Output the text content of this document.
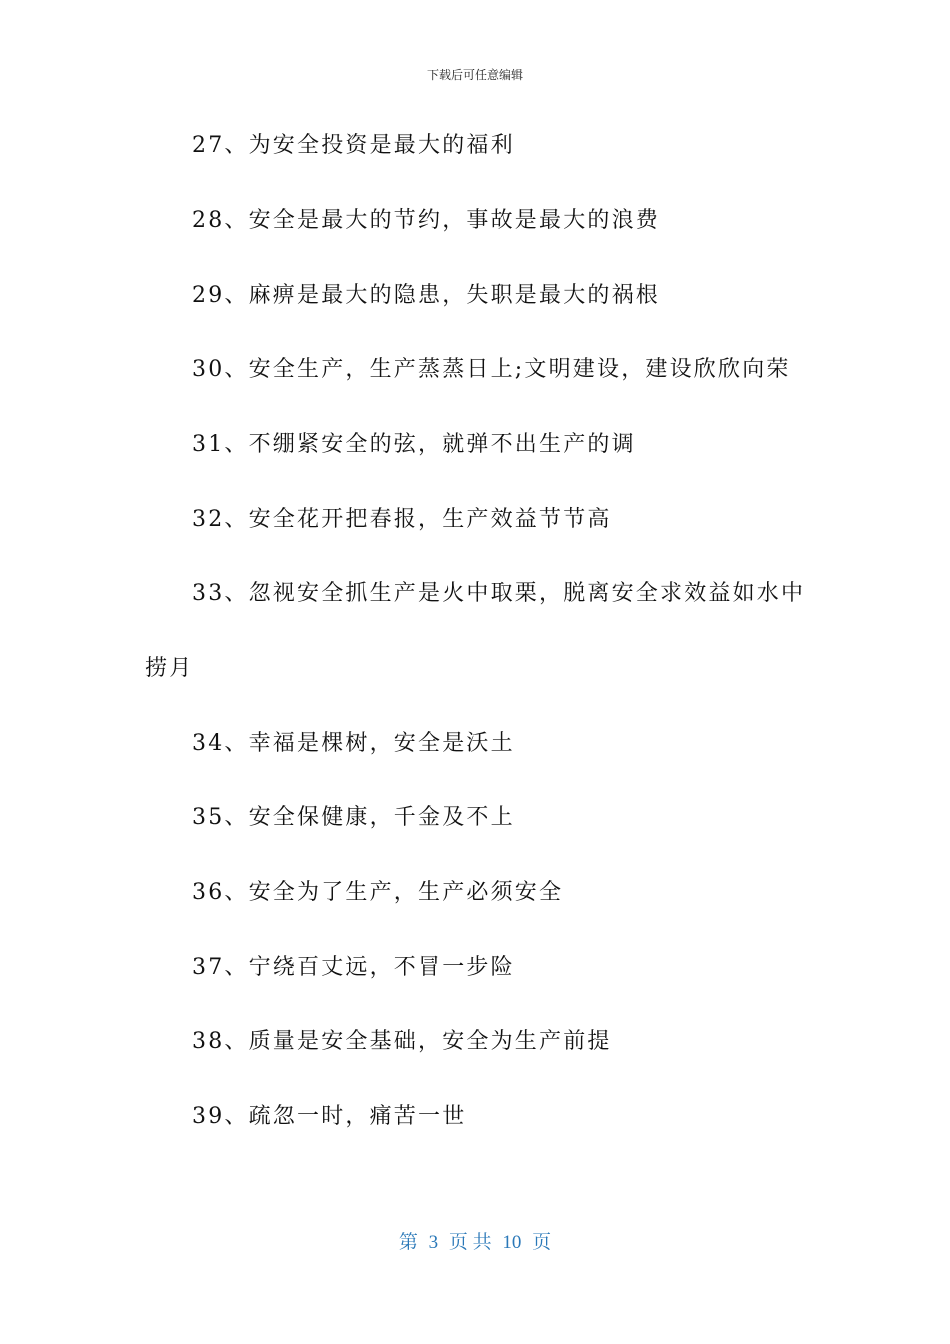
下载后可任意编辑
27、为安全投资是最大的福利
28、安全是最大的节约，事故是最大的浪费
29、麻痹是最大的隐患，失职是最大的祸根
30、安全生产，生产蒸蒸日上;文明建设，建设欣欣向荣
31、不绷紧安全的弦，就弹不出生产的调
32、安全花开把春报，生产效益节节高
33、忽视安全抓生产是火中取栗，脱离安全求效益如水中
捞月
34、幸福是棵树，安全是沃土
35、安全保健康，千金及不上
36、安全为了生产，生产必须安全
37、宁绕百丈远，不冒一步险
38、质量是安全基础，安全为生产前提
39、疏忽一时，痛苦一世
第 3 页 共 10 页
